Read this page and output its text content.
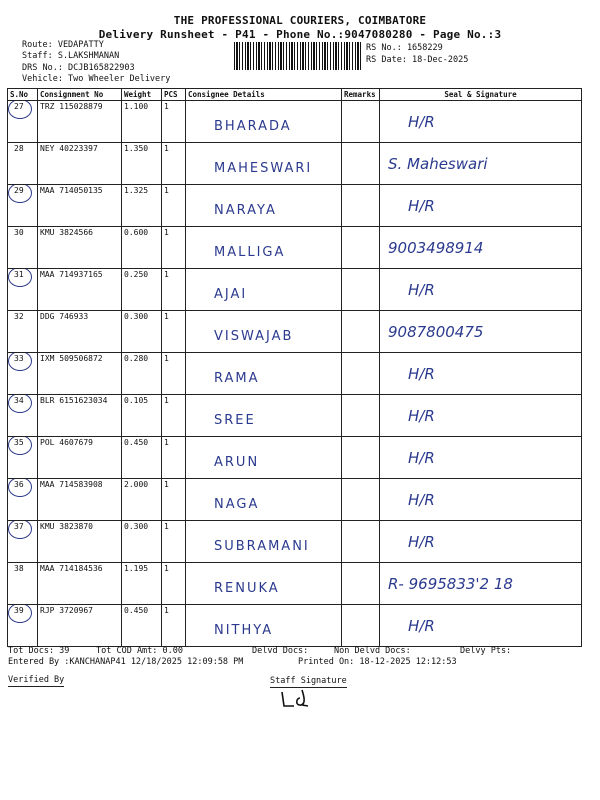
THE PROFESSIONAL COURIERS, COIMBATORE
Delivery Runsheet - P41 - Phone No.:9047080280 - Page No.:3
Route: VEDAPATTY
Staff: S.LAKSHMANAN
DRS No.: DCJB165822903
Vehicle: Two Wheeler Delivery
RS No.: 1658229
RS Date: 18-Dec-2025
S.No	Consignment No	Weight	PCS	Consignee Details	Remarks	Seal & Signature

27	TRZ 115028879	1.100	1	BHARADA		H/R

28	NEY 40223397	1.350	1	MAHESWARI		S. Maheswari

29	MAA 714050135	1.325	1	NARAYA		H/R

30	KMU 3824566	0.600	1	MALLIGA		9003498914

31	MAA 714937165	0.250	1	AJAI		H/R

32	DDG 746933	0.300	1	VISWAJAB		9087800475

33	IXM 509506872	0.280	1	RAMA		H/R

34	BLR 6151623034	0.105	1	SREE		H/R

35	POL 4607679	0.450	1	ARUN		H/R

36	MAA 714583908	2.000	1	NAGA		H/R

37	KMU 3823870	0.300	1	SUBRAMANI		H/R

38	MAA 714184536	1.195	1	RENUKA		R- 9695833'2 18

39	RJP 3720967	0.450	1	NITHYA		H/R
Tot Docs: 39	Tot COD Amt: 0.00	Delvd Docs:	Non Delvd Docs:	Delvy Pts:
Entered By :KANCHANAP41 12/18/2025 12:09:58 PM	Printed On: 18-12-2025 12:12:53
Verified By	Staff Signature
